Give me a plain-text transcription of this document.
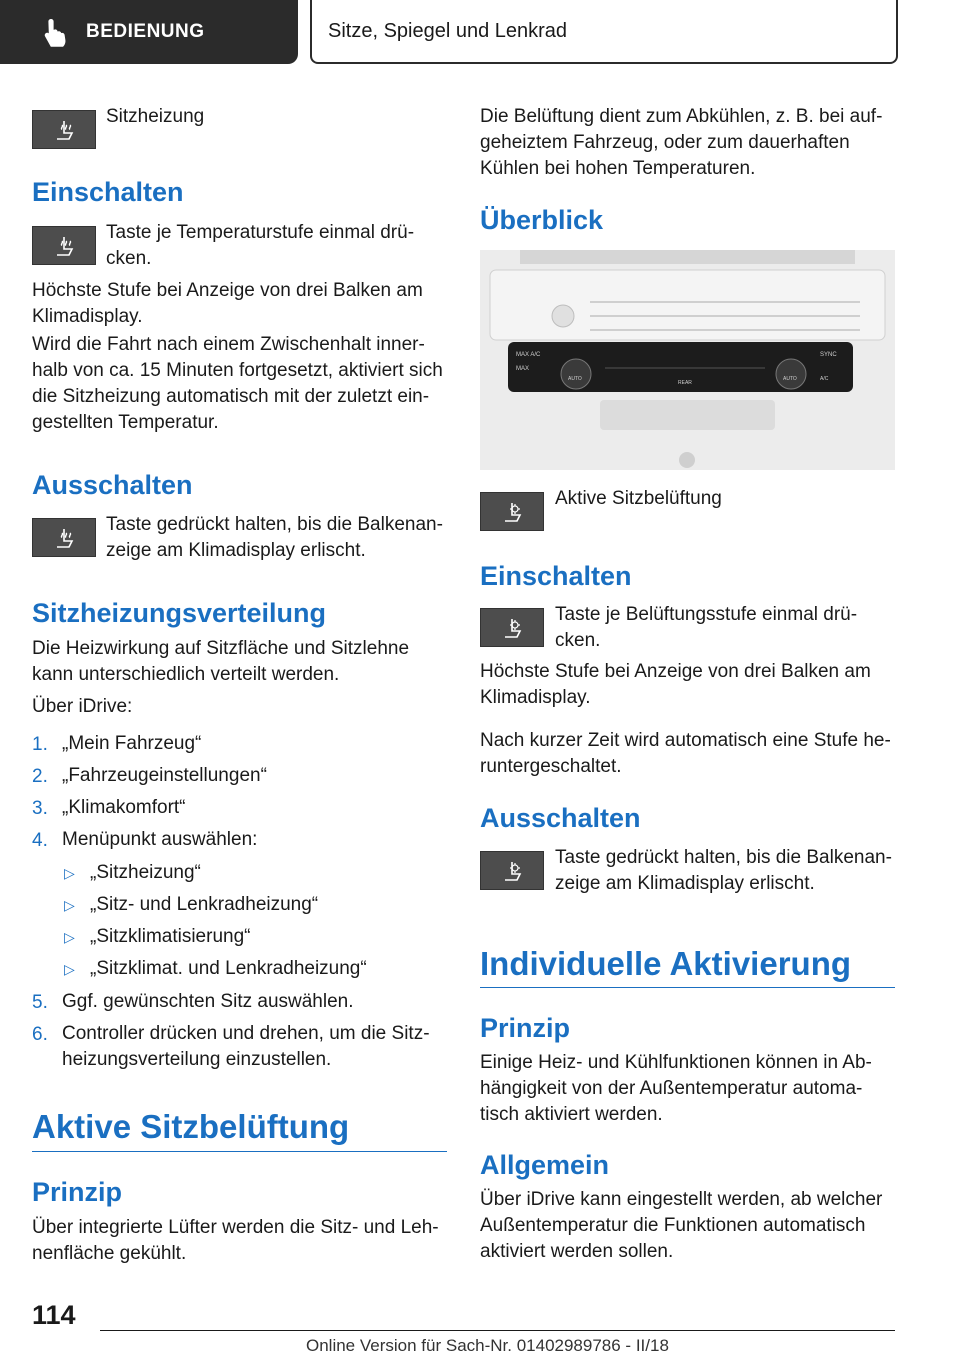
BEDIENUNG	Sitze, Spiegel und Lenkrad
Sitzheizung
Einschalten
Taste je Temperaturstufe einmal drü-cken.
Höchste Stufe bei Anzeige von drei Balken am Klimadisplay.
Wird die Fahrt nach einem Zwischenhalt inner-halb von ca. 15 Minuten fortgesetzt, aktiviert sich die Sitzheizung automatisch mit der zuletzt ein-gestellten Temperatur.
Ausschalten
Taste gedrückt halten, bis die Balkenan-zeige am Klimadisplay erlischt.
Sitzheizungsverteilung
Die Heizwirkung auf Sitzfläche und Sitzlehne kann unterschiedlich verteilt werden.
Über iDrive:
1. „Mein Fahrzeug“
2. „Fahrzeugeinstellungen“
3. „Klimakomfort“
4. Menüpunkt auswählen:
▷ „Sitzheizung“
▷ „Sitz- und Lenkradheizung“
▷ „Sitzklimatisierung“
▷ „Sitzklimat. und Lenkradheizung“
5. Ggf. gewünschten Sitz auswählen.
6. Controller drücken und drehen, um die Sitz-heizungsverteilung einzustellen.
Aktive Sitzbelüftung
Prinzip
Über integrierte Lüfter werden die Sitz- und Leh-nenfläche gekühlt.
Die Belüftung dient zum Abkühlen, z. B. bei auf-geheiztem Fahrzeug, oder zum dauerhaften Kühlen bei hohen Temperaturen.
Überblick
MAX A/C
MAX
SYNC
AUTO	AUTO	A/C
REAR
Aktive Sitzbelüftung
Einschalten
Taste je Belüftungsstufe einmal drü-cken.
Höchste Stufe bei Anzeige von drei Balken am Klimadisplay.
Nach kurzer Zeit wird automatisch eine Stufe he-runtergeschaltet.
Ausschalten
Taste gedrückt halten, bis die Balkenan-zeige am Klimadisplay erlischt.
Individuelle Aktivierung
Prinzip
Einige Heiz- und Kühlfunktionen können in Ab-hängigkeit von der Außentemperatur automa-tisch aktiviert werden.
Allgemein
Über iDrive kann eingestellt werden, ab welcher Außentemperatur die Funktionen automatisch aktiviert werden sollen.
114
Online Version für Sach-Nr. 01402989786 - II/18
